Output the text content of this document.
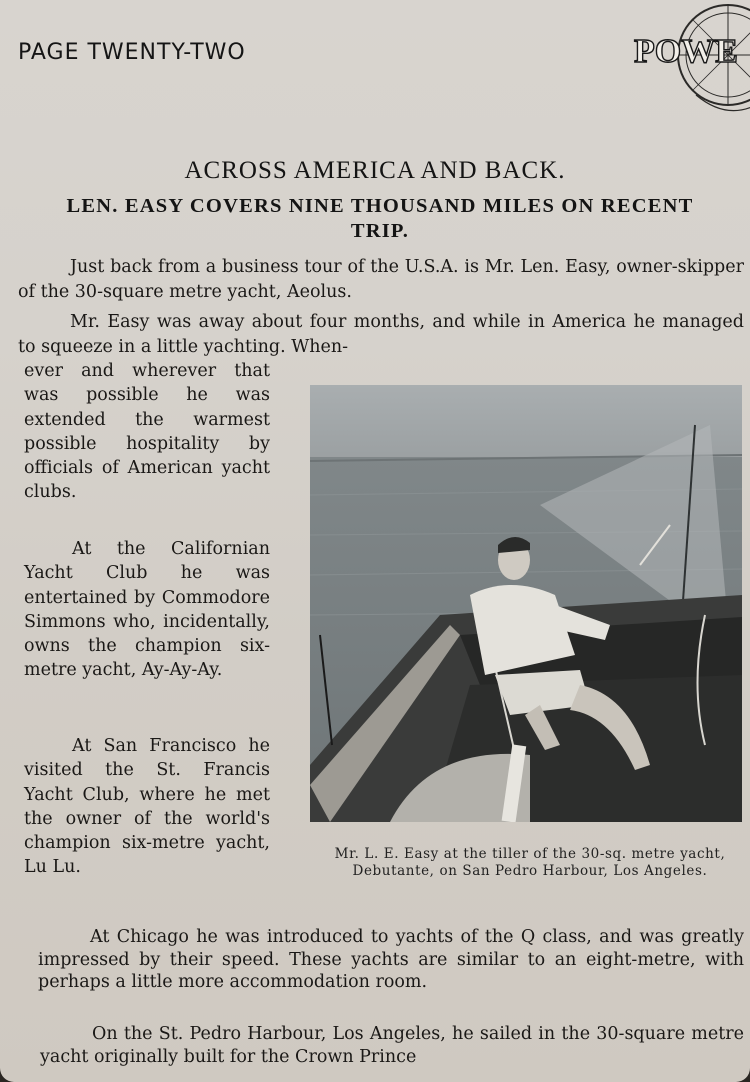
PAGE TWENTY-TWO	POWE
ACROSS AMERICA AND BACK.
LEN. EASY COVERS NINE THOUSAND MILES ON RECENT TRIP.
Just back from a business tour of the U.S.A. is Mr. Len. Easy, owner-skipper of the 30-square metre yacht, Aeolus.
Mr. Easy was away about four months, and while in America he managed to squeeze in a little yachting. When-
ever and wherever that was possible he was extended the warmest possible hospitality by officials of American yacht clubs.
At the Californian Yacht Club he was entertained by Commodore Simmons who, incidentally, owns the champion six-metre yacht, Ay-Ay-Ay.
At San Francisco he visited the St. Francis Yacht Club, where he met the owner of the world's champion six-metre yacht, Lu Lu.
Mr. L. E. Easy at the tiller of the 30-sq. metre yacht, Debutante, on San Pedro Harbour, Los Angeles.
At Chicago he was introduced to yachts of the Q class, and was greatly impressed by their speed. These yachts are similar to an eight-metre, with perhaps a little more accommodation room.
On the St. Pedro Harbour, Los Angeles, he sailed in the 30-square metre yacht originally built for the Crown Prince
